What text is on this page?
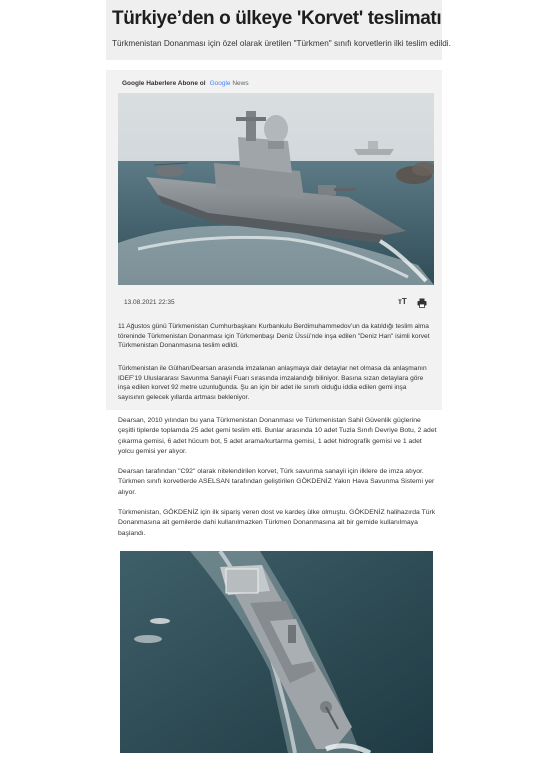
Türkiye’den o ülkeye 'Korvet' teslimatı
Türkmenistan Donanması için özel olarak üretilen "Türkmen" sınıfı korvetlerin ilki teslim edildi.
Google Haberlere Abone ol Google News
13.08.2021 22:35	тT
11 Ağustos günü Türkmenistan Cumhurbaşkanı Kurbankulu Berdimuhammedov’un da katıldığı teslim alma töreninde Türkmenistan Donanması için Türkmenbaşı Deniz Üssü’nde inşa edilen "Deniz Han" isimli korvet Türkmenistan Donanmasına teslim edildi.
Türkmenistan ile Gülhan/Dearsan arasında imzalanan anlaşmaya dair detaylar net olmasa da anlaşmanın IDEF’19 Uluslararası Savunma Sanayii Fuarı sırasında imzalandığı biliniyor. Basına sızan detaylara göre inşa edilen korvet 92 metre uzunluğunda. Şu an için bir adet ile sınırlı olduğu iddia edilen gemi inşa sayısının gelecek yıllarda artması bekleniyor.
Dearsan, 2010 yılından bu yana Türkmenistan Donanması ve Türkmenistan Sahil Güvenlik güçlerine çeşitli tiplerde toplamda 25 adet gemi teslim etti. Bunlar arasında 10 adet Tuzla Sınıfı Devriye Botu, 2 adet çıkarma gemisi, 6 adet hücum bot, 5 adet arama/kurtarma gemisi, 1 adet hidrografik gemisi ve 1 adet yolcu gemisi yer alıyor.
Dearsan tarafından "C92" olarak nitelendirilen korvet, Türk savunma sanayii için ilklere de imza atıyor. Türkmen sınıfı korvetlerde ASELSAN tarafından geliştirilen GÖKDENİZ Yakın Hava Savunma Sistemi yer alıyor.
Türkmenistan, GÖKDENİZ için ilk sipariş veren dost ve kardeş ülke olmuştu. GÖKDENİZ halihazırda Türk Donanmasına ait gemilerde dahi kullanılmazken Türkmen Donanmasına ait bir gemide kullanılmaya başlandı.
